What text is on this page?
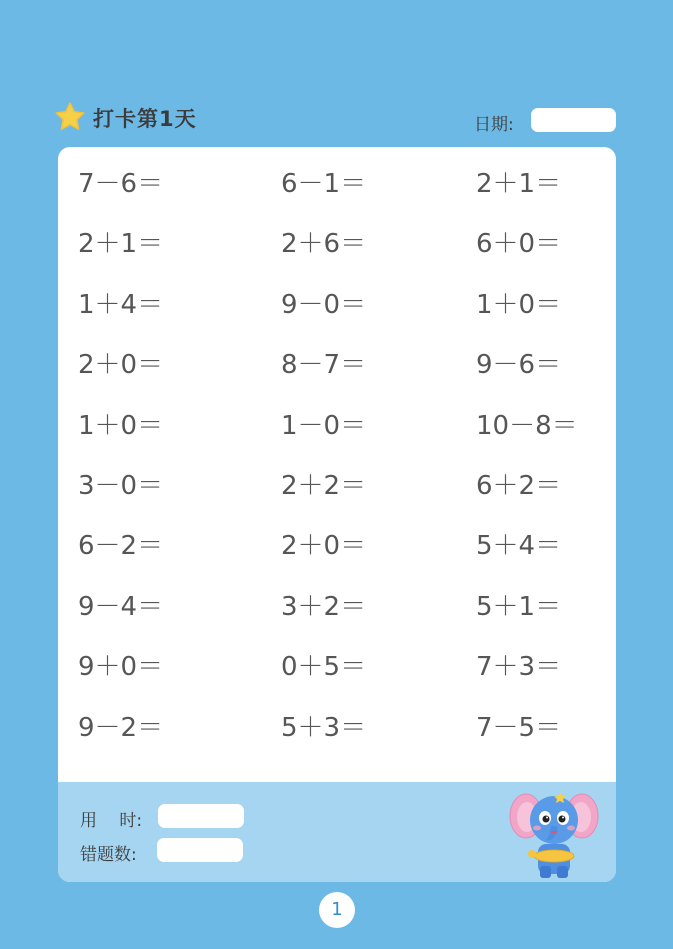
打卡第1天	日期:
7－6＝	6－1＝	2＋1＝
2＋1＝	2＋6＝	6＋0＝
1＋4＝	9－0＝	1＋0＝
2＋0＝	8－7＝	9－6＝
1＋0＝	1－0＝	10－8＝
3－0＝	2＋2＝	6＋2＝
6－2＝	2＋0＝	5＋4＝
9－4＝	3＋2＝	5＋1＝
9＋0＝	0＋5＝	7＋3＝
9－2＝	5＋3＝	7－5＝
用　 时:
错题数:
1
